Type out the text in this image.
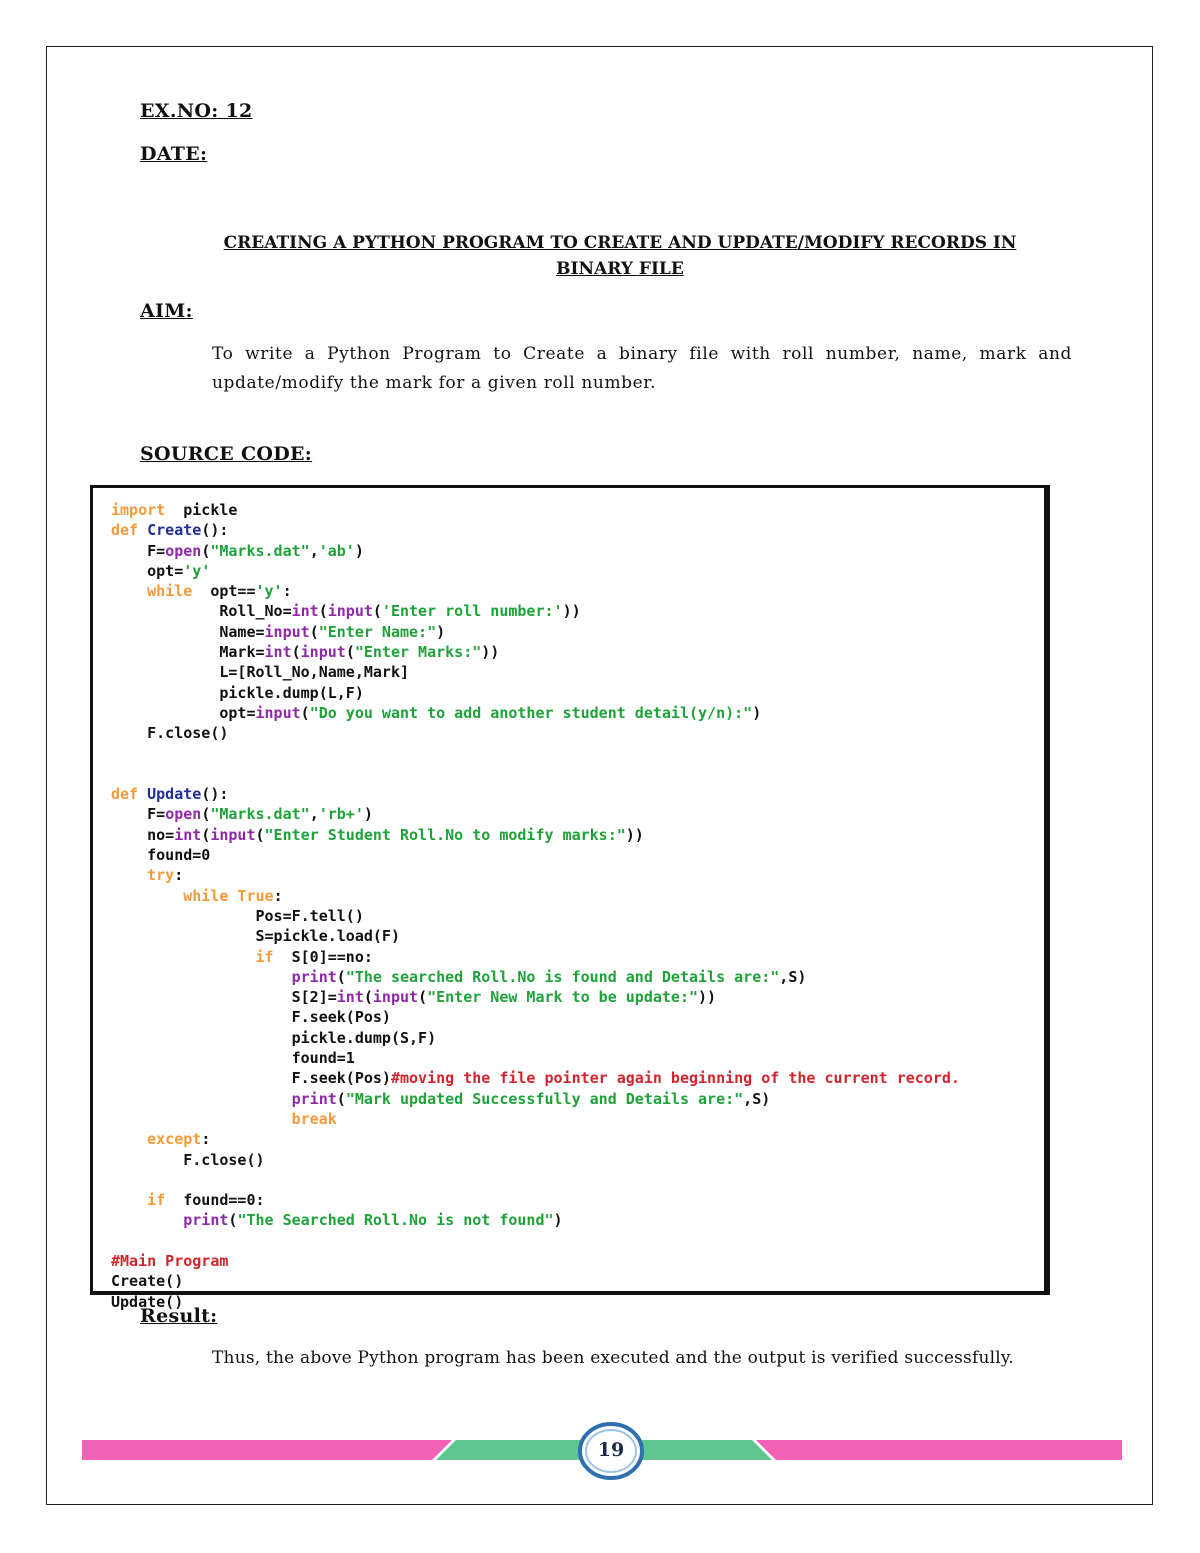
EX.NO: 12
DATE:
CREATING A PYTHON PROGRAM TO CREATE AND UPDATE/MODIFY RECORDS IN
BINARY FILE
AIM:
To write a Python Program to Create a binary file with roll number, name, mark and update/modify the mark for a given roll number.
SOURCE CODE:
import  pickle
def Create():
F=open("Marks.dat",'ab')
opt='y'
while  opt=='y':
Roll_No=int(input('Enter roll number:'))
Name=input("Enter Name:")
Mark=int(input("Enter Marks:"))
L=[Roll_No,Name,Mark]
pickle.dump(L,F)
opt=input("Do you want to add another student detail(y/n):")
F.close()
def Update():
F=open("Marks.dat",'rb+')
no=int(input("Enter Student Roll.No to modify marks:"))
found=0
try:
while True:
Pos=F.tell()
S=pickle.load(F)
if  S[0]==no:
print("The searched Roll.No is found and Details are:",S)
S[2]=int(input("Enter New Mark to be update:"))
F.seek(Pos)
pickle.dump(S,F)
found=1
F.seek(Pos)#moving the file pointer again beginning of the current record.
print("Mark updated Successfully and Details are:",S)
break
except:
F.close()
if  found==0:
print("The Searched Roll.No is not found")
#Main Program
Create()
Update()
Result:
Thus, the above Python program has been executed and the output is verified successfully.
19
